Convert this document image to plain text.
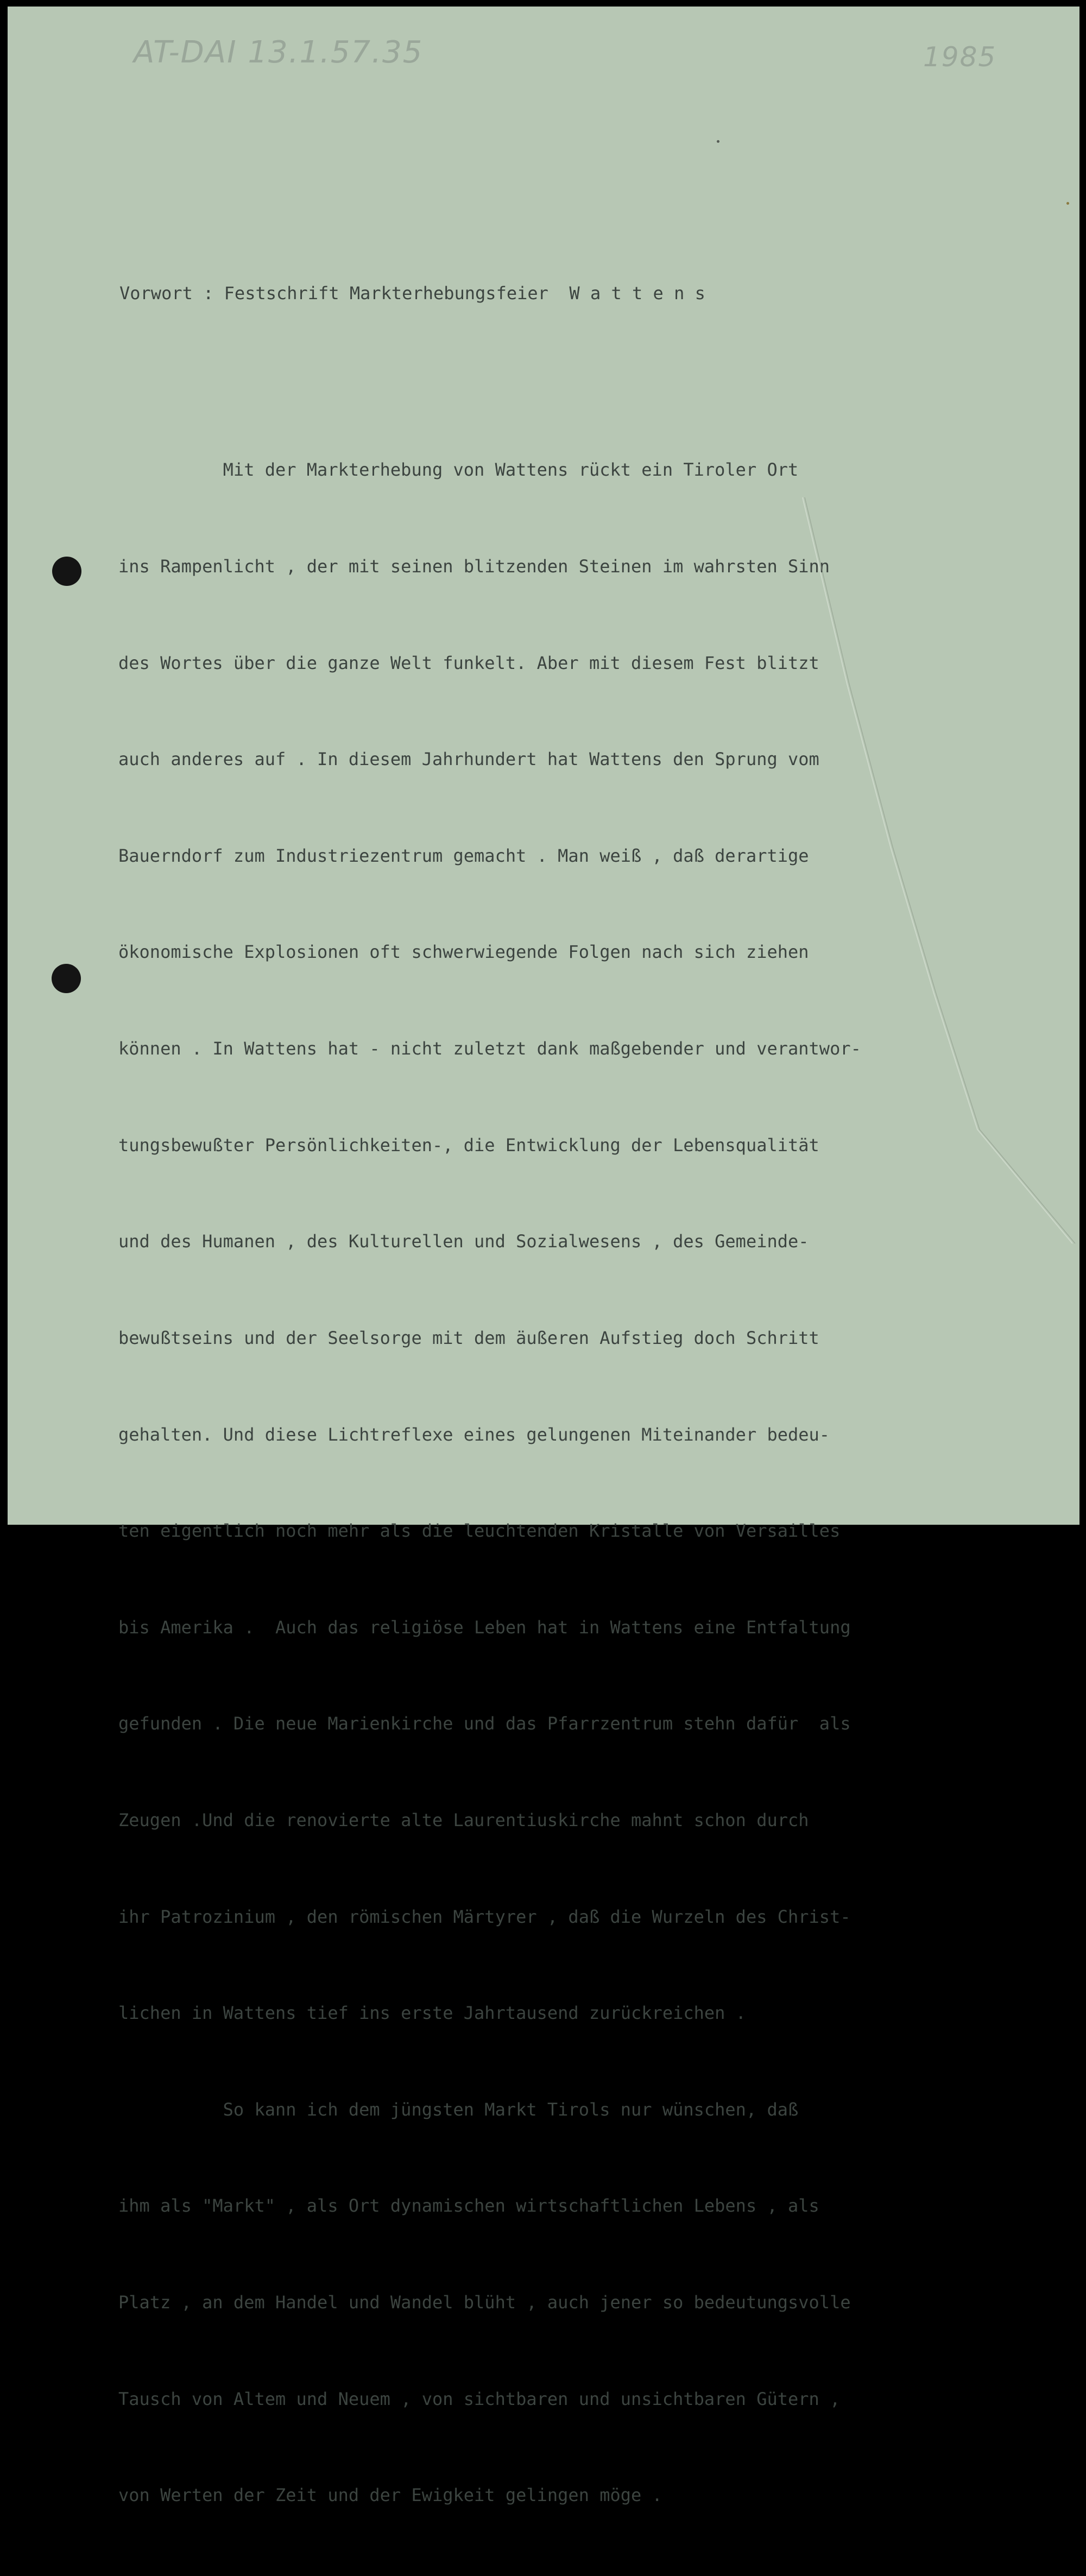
AT-DAI 13.1.57.35	1985
Vorwort : Festschrift Markterhebungsfeier  W a t t e n s

Mit der Markterhebung von Wattens rückt ein Tiroler Ort

ins Rampenlicht , der mit seinen blitzenden Steinen im wahrsten Sinn

des Wortes über die ganze Welt funkelt. Aber mit diesem Fest blitzt

auch anderes auf . In diesem Jahrhundert hat Wattens den Sprung vom

Bauerndorf zum Industriezentrum gemacht . Man weiß , daß derartige

ökonomische Explosionen oft schwerwiegende Folgen nach sich ziehen

können . In Wattens hat - nicht zuletzt dank maßgebender und verantwor-

tungsbewußter Persönlichkeiten-, die Entwicklung der Lebensqualität

und des Humanen , des Kulturellen und Sozialwesens , des Gemeinde-

bewußtseins und der Seelsorge mit dem äußeren Aufstieg doch Schritt

gehalten. Und diese Lichtreflexe eines gelungenen Miteinander bedeu-

ten eigentlich noch mehr als die leuchtenden Kristalle von Versailles

bis Amerika .  Auch das religiöse Leben hat in Wattens eine Entfaltung

gefunden . Die neue Marienkirche und das Pfarrzentrum stehn dafür  als

Zeugen .Und die renovierte alte Laurentiuskirche mahnt schon durch

ihr Patrozinium , den römischen Märtyrer , daß die Wurzeln des Christ-

lichen in Wattens tief ins erste Jahrtausend zurückreichen .

So kann ich dem jüngsten Markt Tirols nur wünschen, daß

ihm als "Markt" , als Ort dynamischen wirtschaftlichen Lebens , als

Platz , an dem Handel und Wandel blüht , auch jener so bedeutungsvolle

Tausch von Altem und Neuem , von sichtbaren und unsichtbaren Gütern ,

von Werten der Zeit und der Ewigkeit gelingen möge .
